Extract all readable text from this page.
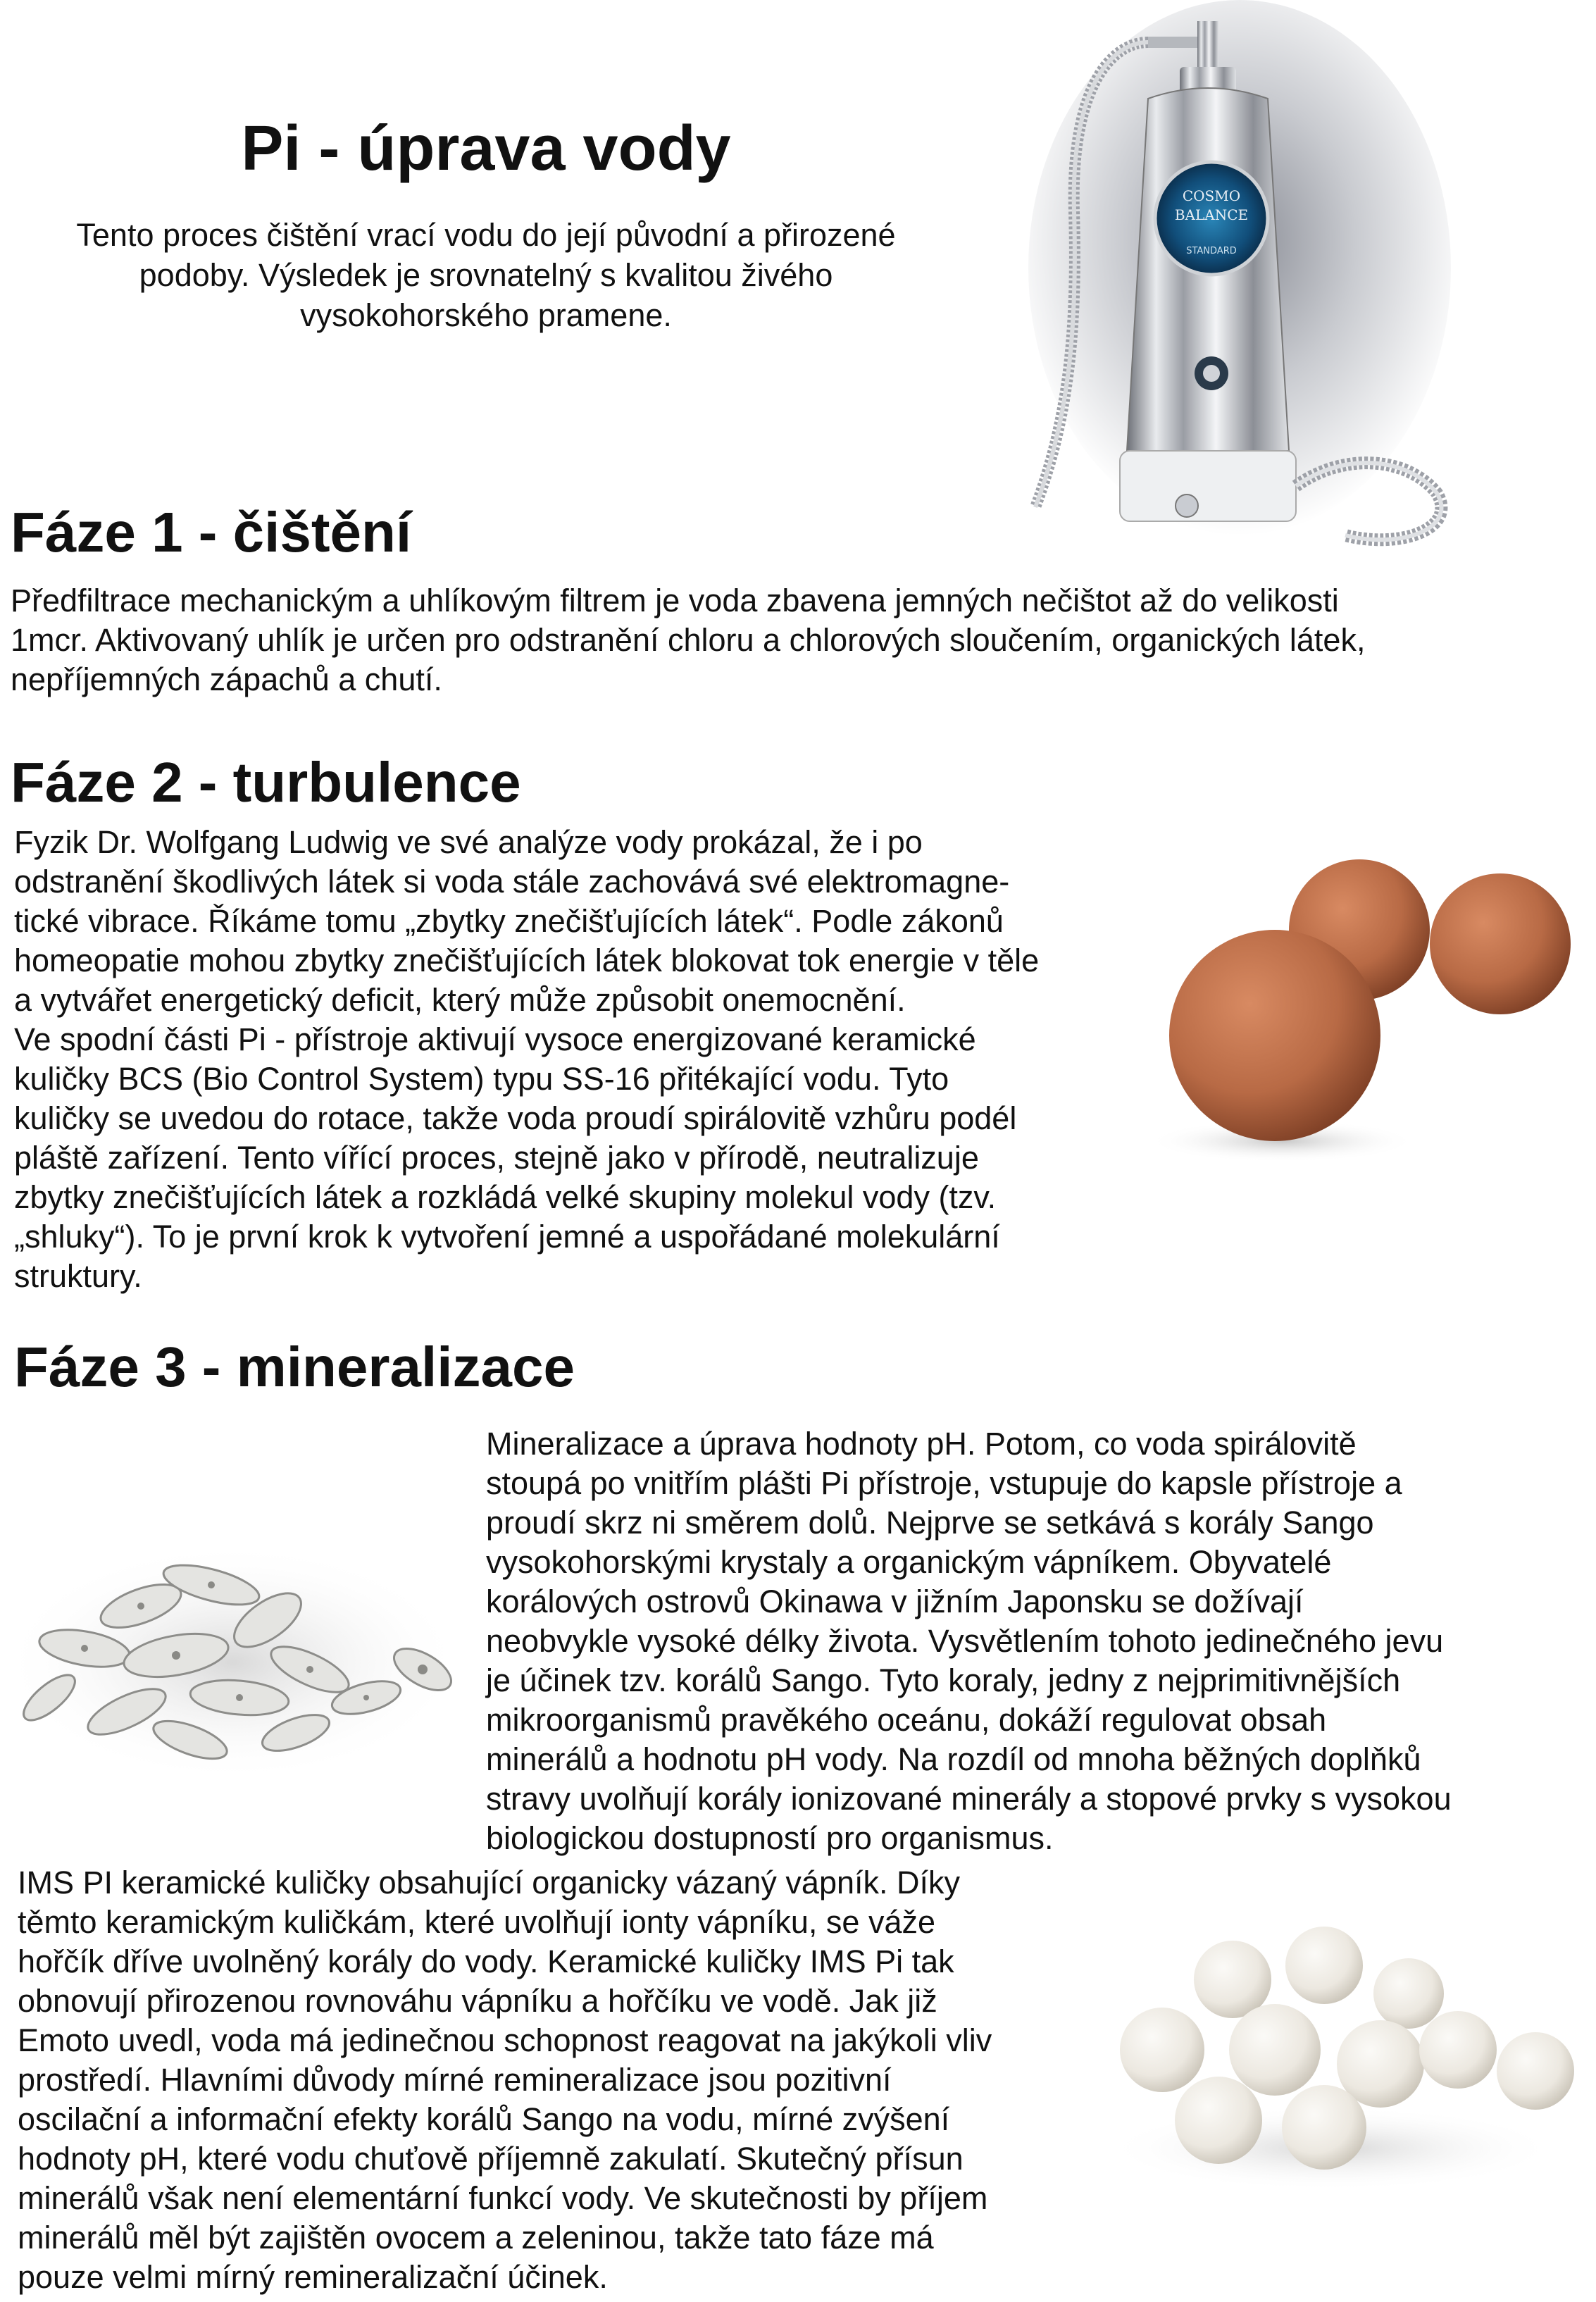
Pi - úprava vody
Tento proces čištění vrací vodu do její původní a přirozené podoby. Výsledek je srovnatelný s kvalitou živého vysokohorského pramene.
COSMO
BALANCE
STANDARD
Fáze 1 - čištění
Předfiltrace mechanickým a uhlíkovým filtrem je voda zbavena jemných nečištot až do velikosti
1mcr. Aktivovaný uhlík je určen pro odstranění chloru a chlorových sloučením, organických látek,
nepříjemných zápachů a chutí.
Fáze 2 - turbulence
Fyzik Dr. Wolfgang Ludwig ve své analýze vody prokázal, že i po
odstranění škodlivých látek si voda stále zachovává své elektromagne-
tické vibrace. Říkáme tomu „zbytky znečišťujících látek“. Podle zákonů
homeopatie mohou zbytky znečišťujících látek blokovat tok energie v těle
a vytvářet energetický deficit, který může způsobit onemocnění.
Ve spodní části Pi - přístroje aktivují vysoce energizované keramické
kuličky BCS (Bio Control System) typu SS-16 přitékající vodu. Tyto
kuličky se uvedou do rotace, takže voda proudí spirálovitě vzhůru podél
pláště zařízení. Tento vířící proces, stejně jako v přírodě, neutralizuje
zbytky znečišťujících látek a rozkládá velké skupiny molekul vody (tzv.
„shluky“). To je první krok k vytvoření jemné a uspořádané molekulární
struktury.
Fáze 3 - mineralizace
Mineralizace a úprava hodnoty pH. Potom, co voda spirálovitě
stoupá po vnitřím plášti Pi přístroje, vstupuje do kapsle přístroje a
proudí skrz ni směrem dolů. Nejprve se setkává s korály Sango
vysokohorskými krystaly a organickým vápníkem. Obyvatelé
korálových ostrovů Okinawa v jižním Japonsku se dožívají
neobvykle vysoké délky života. Vysvětlením tohoto jedinečného jevu
je účinek tzv. korálů Sango. Tyto koraly, jedny z nejprimitivnějších
mikroorganismů pravěkého oceánu, dokáží regulovat obsah
minerálů a hodnotu pH vody. Na rozdíl od mnoha běžných doplňků
stravy uvolňují korály ionizované minerály a stopové prvky s vysokou
biologickou dostupností pro organismus.
IMS PI keramické kuličky obsahující organicky vázaný vápník. Díky
těmto keramickým kuličkám, které uvolňují ionty vápníku, se váže
hořčík dříve uvolněný korály do vody. Keramické kuličky IMS Pi tak
obnovují přirozenou rovnováhu vápníku a hořčíku ve vodě. Jak již
Emoto uvedl, voda má jedinečnou schopnost reagovat na jakýkoli vliv
prostředí. Hlavními důvody mírné remineralizace jsou pozitivní
oscilační a informační efekty korálů Sango na vodu, mírné zvýšení
hodnoty pH, které vodu chuťově příjemně zakulatí. Skutečný přísun
minerálů však není elementární funkcí vody. Ve skutečnosti by příjem
minerálů měl být zajištěn ovocem a zeleninou, takže tato fáze má
pouze velmi mírný remineralizační účinek.
